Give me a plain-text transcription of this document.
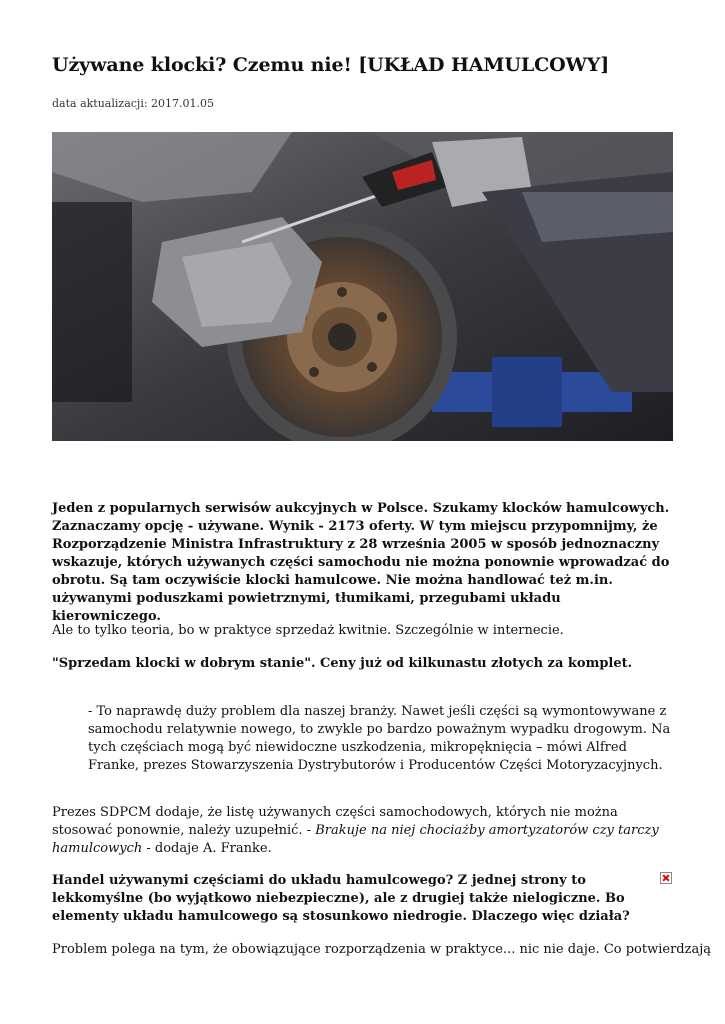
Używane klocki? Czemu nie! [UKŁAD HAMULCOWY]
data aktualizacji: 2017.01.05

Jeden z popularnych serwisów aukcyjnych w Polsce. Szukamy klocków hamulcowych. Zaznaczamy opcję - używane. Wynik - 2173 oferty. W tym miejscu przypomnijmy, że Rozporządzenie Ministra Infrastruktury z 28 września 2005 w sposób jednoznaczny wskazuje, których używanych części samochodu nie można ponownie wprowadzać do obrotu. Są tam oczywiście klocki hamulcowe. Nie można handlować też m.in. używanymi poduszkami powietrznymi, tłumikami, przegubami układu kierowniczego.

Ale to tylko teoria, bo w praktyce sprzedaż kwitnie. Szczególnie w internecie.

"Sprzedam klocki w dobrym stanie". Ceny już od kilkunastu złotych za komplet.

- To naprawdę duży problem dla naszej branży. Nawet jeśli części są wymontowywane z samochodu relatywnie nowego, to zwykle po bardzo poważnym wypadku drogowym. Na tych częściach mogą być niewidoczne uszkodzenia, mikropęknięcia – mówi Alfred Franke, prezes Stowarzyszenia Dystrybutorów i Producentów Części Motoryzacyjnych.

Prezes SDPCM dodaje, że listę używanych części samochodowych, których nie można stosować ponownie, należy uzupełnić. - Brakuje na niej chociażby amortyzatorów czy tarczy hamulcowych - dodaje A. Franke.

Handel używanymi częściami do układu hamulcowego? Z jednej strony to lekkomyślne (bo wyjątkowo niebezpieczne), ale z drugiej także nielogiczne. Bo elementy układu hamulcowego są stosunkowo niedrogie. Dlaczego więc działa?

Problem polega na tym, że obowiązujące rozporządzenia w praktyce... nic nie daje. Co potwierdzają
